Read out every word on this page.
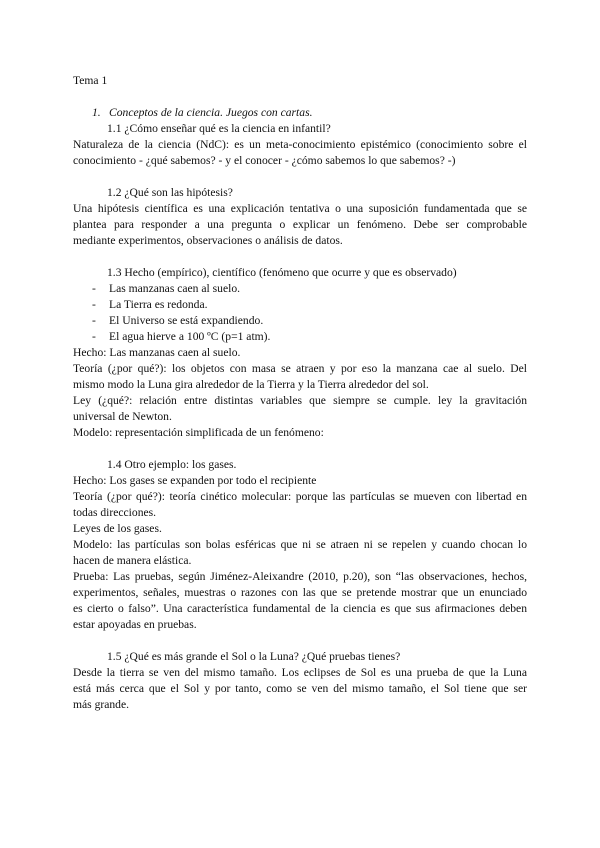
Tema 1
1. Conceptos de la ciencia. Juegos con cartas.
1.1 ¿Cómo enseñar qué es la ciencia en infantil?
Naturaleza de la ciencia (NdC): es un meta-conocimiento epistémico (conocimiento sobre el
conocimiento - ¿qué sabemos? - y el conocer - ¿cómo sabemos lo que sabemos? -)
1.2 ¿Qué son las hipótesis?
Una hipótesis científica es una explicación tentativa o una suposición fundamentada que se
plantea para responder a una pregunta o explicar un fenómeno. Debe ser comprobable
mediante experimentos, observaciones o análisis de datos.
1.3 Hecho (empírico), científico (fenómeno que ocurre y que es observado)
-	Las manzanas caen al suelo.
-	La Tierra es redonda.
-	El Universo se está expandiendo.
-	El agua hierve a 100 ºC (p=1 atm).
Hecho: Las manzanas caen al suelo.
Teoría (¿por qué?): los objetos con masa se atraen y por eso la manzana cae al suelo. Del
mismo modo la Luna gira alrededor de la Tierra y la Tierra alrededor del sol.
Ley (¿qué?: relación entre distintas variables que siempre se cumple. ley la gravitación
universal de Newton.
Modelo: representación simplificada de un fenómeno:
1.4 Otro ejemplo: los gases.
Hecho: Los gases se expanden por todo el recipiente
Teoría (¿por qué?): teoría cinético molecular: porque las partículas se mueven con libertad en
todas direcciones.
Leyes de los gases.
Modelo: las partículas son bolas esféricas que ni se atraen ni se repelen y cuando chocan lo
hacen de manera elástica.
Prueba: Las pruebas, según Jiménez-Aleixandre (2010, p.20), son “las observaciones, hechos,
experimentos, señales, muestras o razones con las que se pretende mostrar que un enunciado
es cierto o falso”. Una característica fundamental de la ciencia es que sus afirmaciones deben
estar apoyadas en pruebas.
1.5 ¿Qué es más grande el Sol o la Luna? ¿Qué pruebas tienes?
Desde la tierra se ven del mismo tamaño. Los eclipses de Sol es una prueba de que la Luna
está más cerca que el Sol y por tanto, como se ven del mismo tamaño, el Sol tiene que ser
más grande.
